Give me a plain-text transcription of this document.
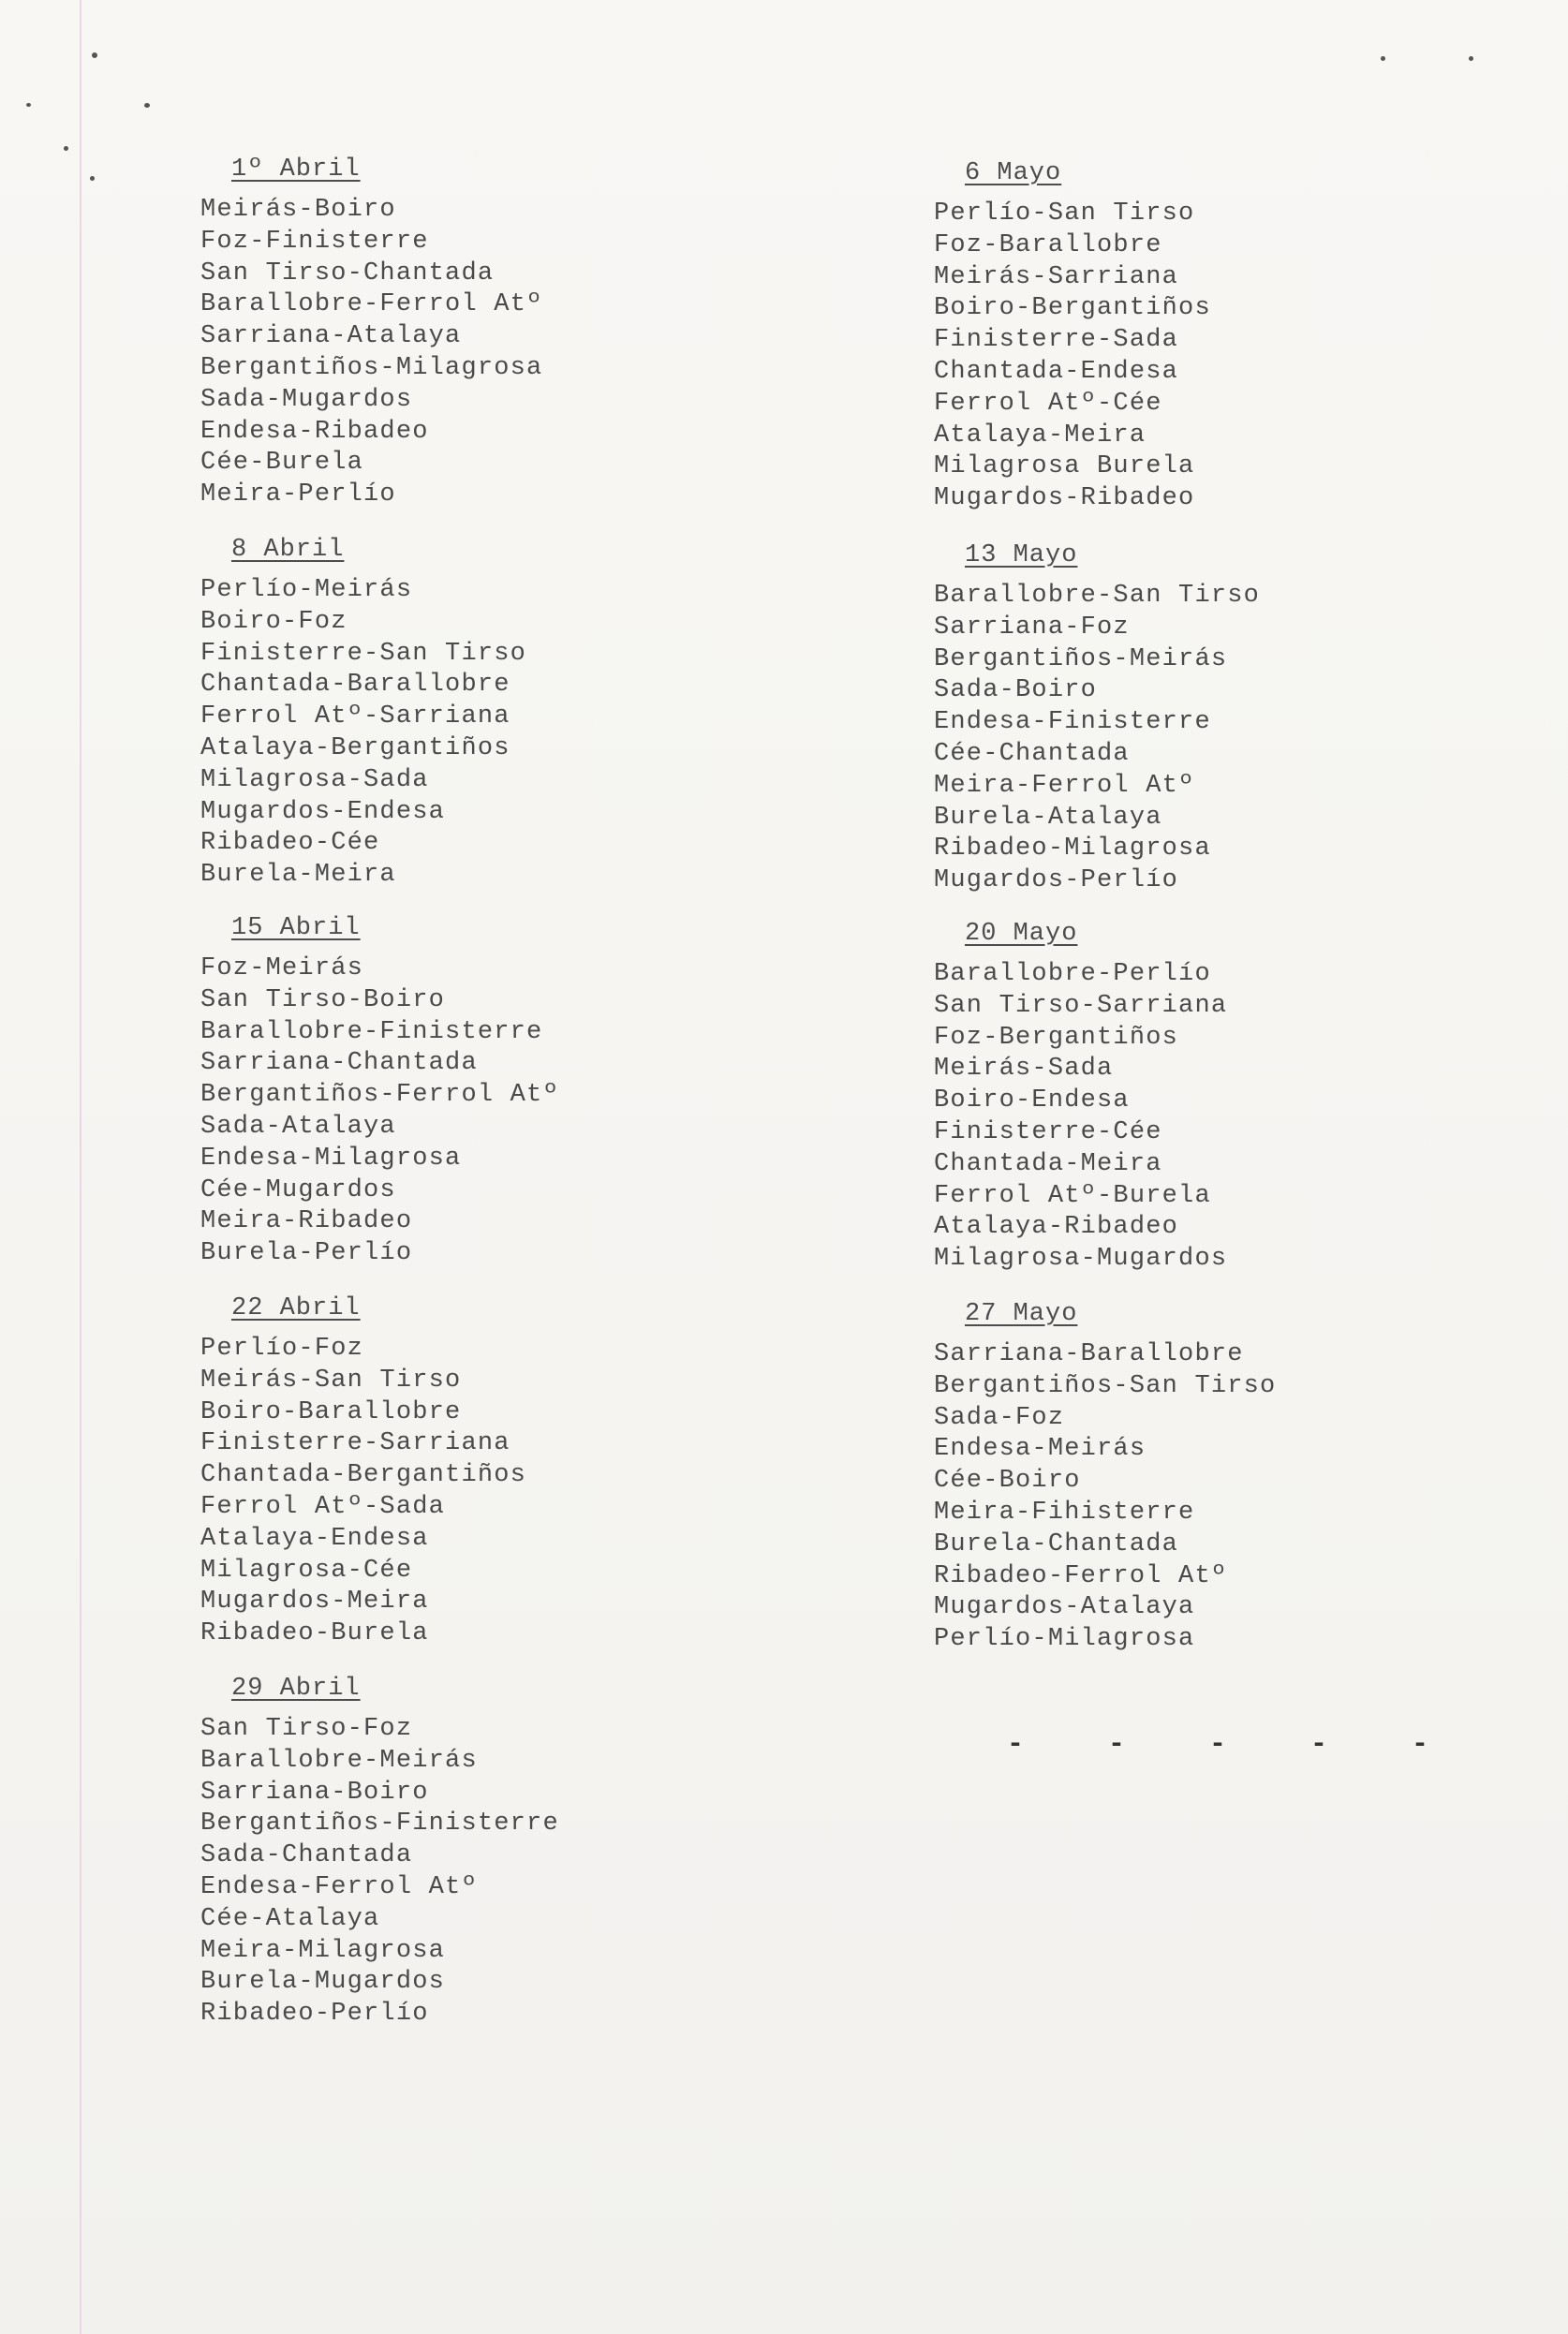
1º Abril
Meirás-Boiro
Foz-Finisterre
San Tirso-Chantada
Barallobre-Ferrol Atº
Sarriana-Atalaya
Bergantiños-Milagrosa
Sada-Mugardos
Endesa-Ribadeo
Cée-Burela
Meira-Perlío
8 Abril
Perlío-Meirás
Boiro-Foz
Finisterre-San Tirso
Chantada-Barallobre
Ferrol Atº-Sarriana
Atalaya-Bergantiños
Milagrosa-Sada
Mugardos-Endesa
Ribadeo-Cée
Burela-Meira
15 Abril
Foz-Meirás
San Tirso-Boiro
Barallobre-Finisterre
Sarriana-Chantada
Bergantiños-Ferrol Atº
Sada-Atalaya
Endesa-Milagrosa
Cée-Mugardos
Meira-Ribadeo
Burela-Perlío
22 Abril
Perlío-Foz
Meirás-San Tirso
Boiro-Barallobre
Finisterre-Sarriana
Chantada-Bergantiños
Ferrol Atº-Sada
Atalaya-Endesa
Milagrosa-Cée
Mugardos-Meira
Ribadeo-Burela
29 Abril
San Tirso-Foz
Barallobre-Meirás
Sarriana-Boiro
Bergantiños-Finisterre
Sada-Chantada
Endesa-Ferrol Atº
Cée-Atalaya
Meira-Milagrosa
Burela-Mugardos
Ribadeo-Perlío
6 Mayo
Perlío-San Tirso
Foz-Barallobre
Meirás-Sarriana
Boiro-Bergantiños
Finisterre-Sada
Chantada-Endesa
Ferrol Atº-Cée
Atalaya-Meira
Milagrosa Burela
Mugardos-Ribadeo
13 Mayo
Barallobre-San Tirso
Sarriana-Foz
Bergantiños-Meirás
Sada-Boiro
Endesa-Finisterre
Cée-Chantada
Meira-Ferrol Atº
Burela-Atalaya
Ribadeo-Milagrosa
Mugardos-Perlío
20 Mayo
Barallobre-Perlío
San Tirso-Sarriana
Foz-Bergantiños
Meirás-Sada
Boiro-Endesa
Finisterre-Cée
Chantada-Meira
Ferrol Atº-Burela
Atalaya-Ribadeo
Milagrosa-Mugardos
27 Mayo
Sarriana-Barallobre
Bergantiños-San Tirso
Sada-Foz
Endesa-Meirás
Cée-Boiro
Meira-Fihisterre
Burela-Chantada
Ribadeo-Ferrol Atº
Mugardos-Atalaya
Perlío-Milagrosa
- - - - -
